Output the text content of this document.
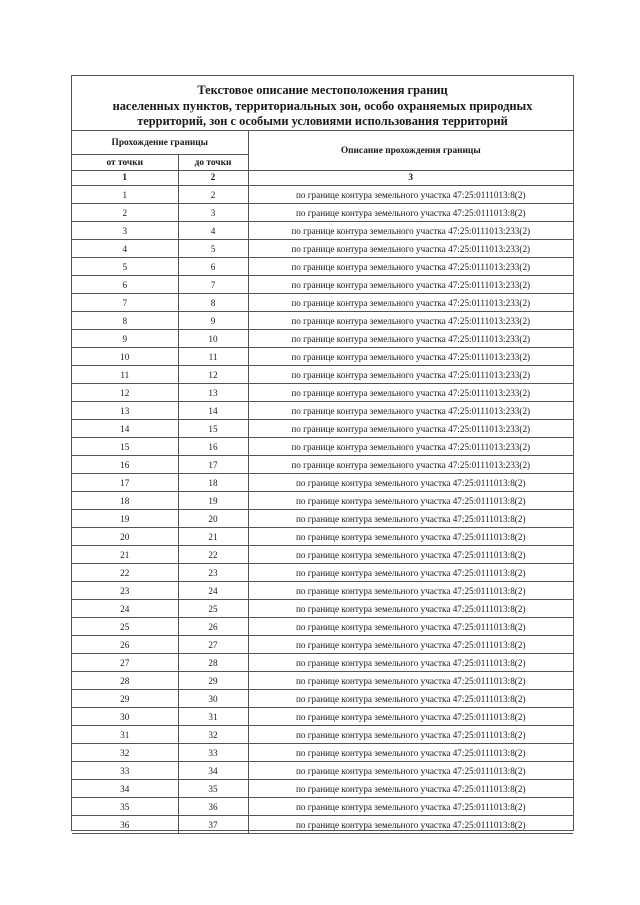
Текстовое описание местоположения границ
населенных пунктов, территориальных зон, особо охраняемых природных
территорий, зон с особыми условиями использования территорий
Прохождение границы		Описание прохождения границы
от точки	до точки	
1	2	3
1	2	по границе контура земельного участка 47:25:0111013:8(2)
2	3	по границе контура земельного участка 47:25:0111013:8(2)
3	4	по границе контура земельного участка 47:25:0111013:233(2)
4	5	по границе контура земельного участка 47:25:0111013:233(2)
5	6	по границе контура земельного участка 47:25:0111013:233(2)
6	7	по границе контура земельного участка 47:25:0111013:233(2)
7	8	по границе контура земельного участка 47:25:0111013:233(2)
8	9	по границе контура земельного участка 47:25:0111013:233(2)
9	10	по границе контура земельного участка 47:25:0111013:233(2)
10	11	по границе контура земельного участка 47:25:0111013:233(2)
11	12	по границе контура земельного участка 47:25:0111013:233(2)
12	13	по границе контура земельного участка 47:25:0111013:233(2)
13	14	по границе контура земельного участка 47:25:0111013:233(2)
14	15	по границе контура земельного участка 47:25:0111013:233(2)
15	16	по границе контура земельного участка 47:25:0111013:233(2)
16	17	по границе контура земельного участка 47:25:0111013:233(2)
17	18	по границе контура земельного участка 47:25:0111013:8(2)
18	19	по границе контура земельного участка 47:25:0111013:8(2)
19	20	по границе контура земельного участка 47:25:0111013:8(2)
20	21	по границе контура земельного участка 47:25:0111013:8(2)
21	22	по границе контура земельного участка 47:25:0111013:8(2)
22	23	по границе контура земельного участка 47:25:0111013:8(2)
23	24	по границе контура земельного участка 47:25:0111013:8(2)
24	25	по границе контура земельного участка 47:25:0111013:8(2)
25	26	по границе контура земельного участка 47:25:0111013:8(2)
26	27	по границе контура земельного участка 47:25:0111013:8(2)
27	28	по границе контура земельного участка 47:25:0111013:8(2)
28	29	по границе контура земельного участка 47:25:0111013:8(2)
29	30	по границе контура земельного участка 47:25:0111013:8(2)
30	31	по границе контура земельного участка 47:25:0111013:8(2)
31	32	по границе контура земельного участка 47:25:0111013:8(2)
32	33	по границе контура земельного участка 47:25:0111013:8(2)
33	34	по границе контура земельного участка 47:25:0111013:8(2)
34	35	по границе контура земельного участка 47:25:0111013:8(2)
35	36	по границе контура земельного участка 47:25:0111013:8(2)
36	37	по границе контура земельного участка 47:25:0111013:8(2)
